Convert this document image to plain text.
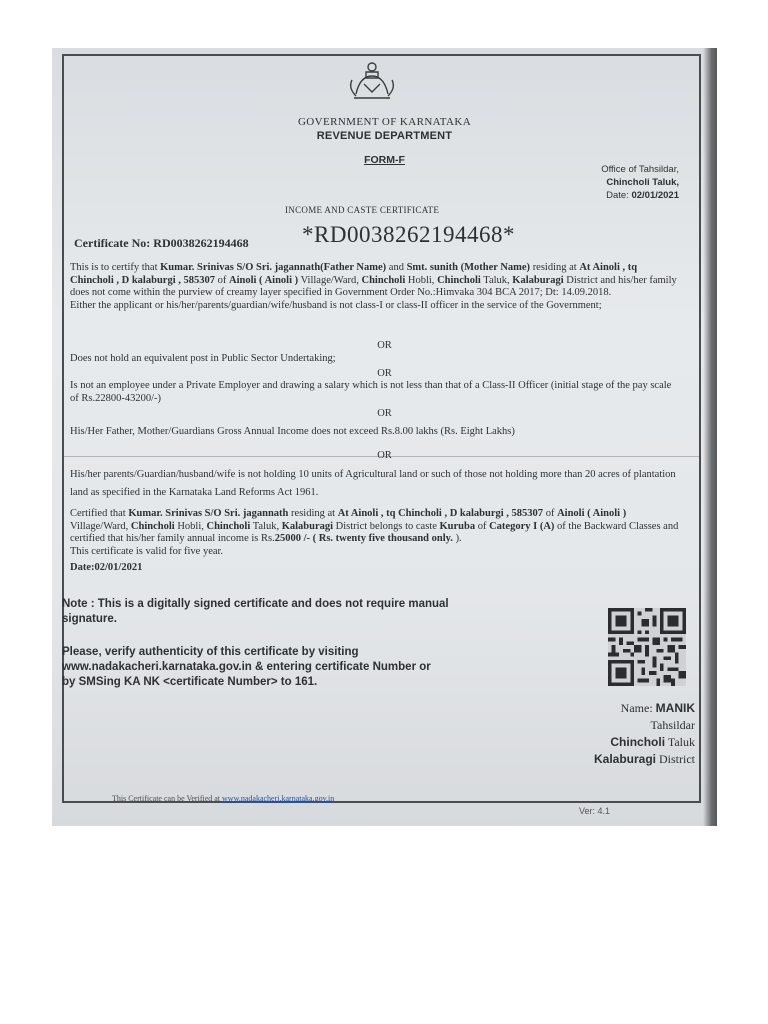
GOVERNMENT OF KARNATAKA
REVENUE DEPARTMENT
FORM-F
Office of Tahsildar,
Chincholi Taluk,
Date: 02/01/2021
INCOME AND CASTE CERTIFICATE
Certificate No: RD0038262194468 *RD0038262194468*
This is to certify that Kumar. Srinivas S/O Sri. jagannath(Father Name) and Smt. sunith (Mother Name) residing at At Ainoli , tq Chincholi , D kalaburgi , 585307 of Ainoli ( Ainoli ) Village/Ward, Chincholi Hobli, Chincholi Taluk, Kalaburagi District and his/her family does not come within the purview of creamy layer specified in Government Order No.:Himvaka 304 BCA 2017; Dt: 14.09.2018.
Either the applicant or his/her/parents/guardian/wife/husband is not class-I or class-II officer in the service of the Government;
OR
Does not hold an equivalent post in Public Sector Undertaking;
OR
Is not an employee under a Private Employer and drawing a salary which is not less than that of a Class-II Officer (initial stage of the pay scale of Rs.22800-43200/-)
OR
His/Her Father, Mother/Guardians Gross Annual Income does not exceed Rs.8.00 lakhs (Rs. Eight Lakhs)
OR
His/her parents/Guardian/husband/wife is not holding 10 units of Agricultural land or such of those not holding more than 20 acres of plantation land as specified in the Karnataka Land Reforms Act 1961.
Certified that Kumar. Srinivas S/O Sri. jagannath residing at At Ainoli , tq Chincholi , D kalaburgi , 585307 of Ainoli ( Ainoli ) Village/Ward, Chincholi Hobli, Chincholi Taluk, Kalaburagi District belongs to caste Kuruba of Category I (A) of the Backward Classes and certified that his/her family annual income is Rs.25000 /- ( Rs. twenty five thousand only. ).
This certificate is valid for five year.
Date:02/01/2021
Note : This is a digitally signed certificate and does not require manual signature.
Please, verify authenticity of this certificate by visiting www.nadakacheri.karnataka.gov.in & entering certificate Number or by SMSing KA NK <certificate Number> to 161.
Name: MANIK
Tahsildar
Chincholi Taluk
Kalaburagi District
This Certificate can be Verified at www.nadakacheri.karnataka.gov.in
Ver: 4.1
